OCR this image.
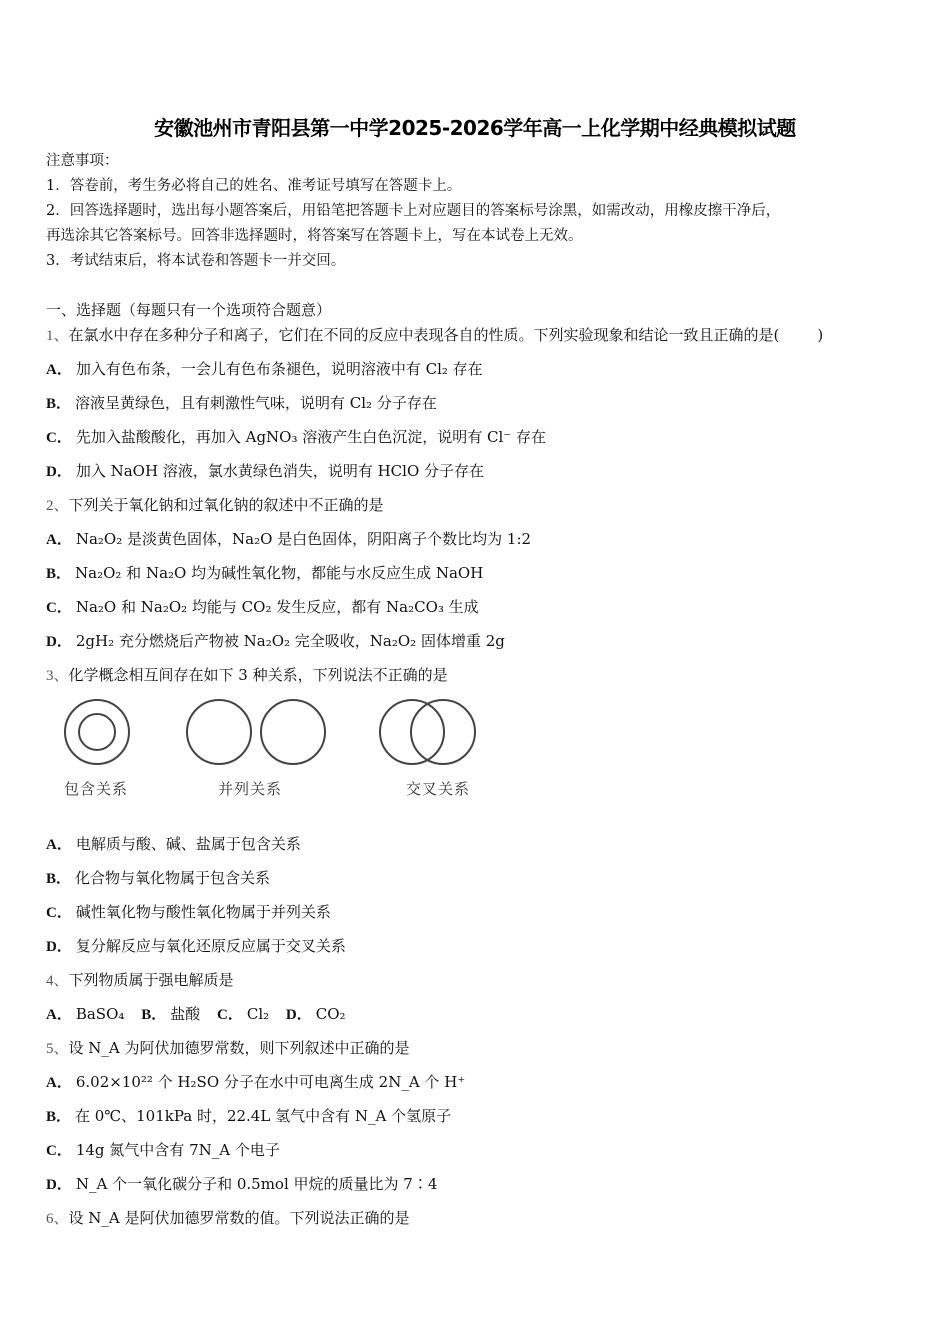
安徽池州市青阳县第一中学2025-2026学年高一上化学期中经典模拟试题
注意事项：
1．答卷前，考生务必将自己的姓名、准考证号填写在答题卡上。
2．回答选择题时，选出每小题答案后，用铅笔把答题卡上对应题目的答案标号涂黑，如需改动，用橡皮擦干净后，
再选涂其它答案标号。回答非选择题时，将答案写在答题卡上，写在本试卷上无效。
3．考试结束后，将本试卷和答题卡一并交回。
一、选择题（每题只有一个选项符合题意）
1、在氯水中存在多种分子和离子，它们在不同的反应中表现各自的性质。下列实验现象和结论一致且正确的是(	)
A． 加入有色布条，一会儿有色布条褪色，说明溶液中有 Cl₂ 存在
B． 溶液呈黄绿色，且有刺激性气味，说明有 Cl₂ 分子存在
C． 先加入盐酸酸化，再加入 AgNO₃ 溶液产生白色沉淀，说明有 Cl⁻ 存在
D． 加入 NaOH 溶液，氯水黄绿色消失，说明有 HClO 分子存在
2、下列关于氧化钠和过氧化钠的叙述中不正确的是
A． Na₂O₂ 是淡黄色固体，Na₂O 是白色固体，阴阳离子个数比均为 1:2
B． Na₂O₂ 和 Na₂O 均为碱性氧化物，都能与水反应生成 NaOH
C． Na₂O 和 Na₂O₂ 均能与 CO₂ 发生反应，都有 Na₂CO₃ 生成
D． 2gH₂ 充分燃烧后产物被 Na₂O₂ 完全吸收，Na₂O₂ 固体增重 2g
3、化学概念相互间存在如下 3 种关系，下列说法不正确的是
包含关系	并列关系	交叉关系
A． 电解质与酸、碱、盐属于包含关系
B． 化合物与氧化物属于包含关系
C． 碱性氧化物与酸性氧化物属于并列关系
D． 复分解反应与氧化还原反应属于交叉关系
4、下列物质属于强电解质是
A． BaSO₄ B． 盐酸 C． Cl₂ D． CO₂
5、设 N_A 为阿伏加德罗常数，则下列叙述中正确的是
A． 6.02×10²² 个 H₂SO 分子在水中可电离生成 2N_A 个 H⁺
B． 在 0℃、101kPa 时，22.4L 氢气中含有 N_A 个氢原子
C． 14g 氮气中含有 7N_A 个电子
D． N_A 个一氧化碳分子和 0.5mol 甲烷的质量比为 7∶4
6、设 N_A 是阿伏加德罗常数的值。下列说法正确的是
